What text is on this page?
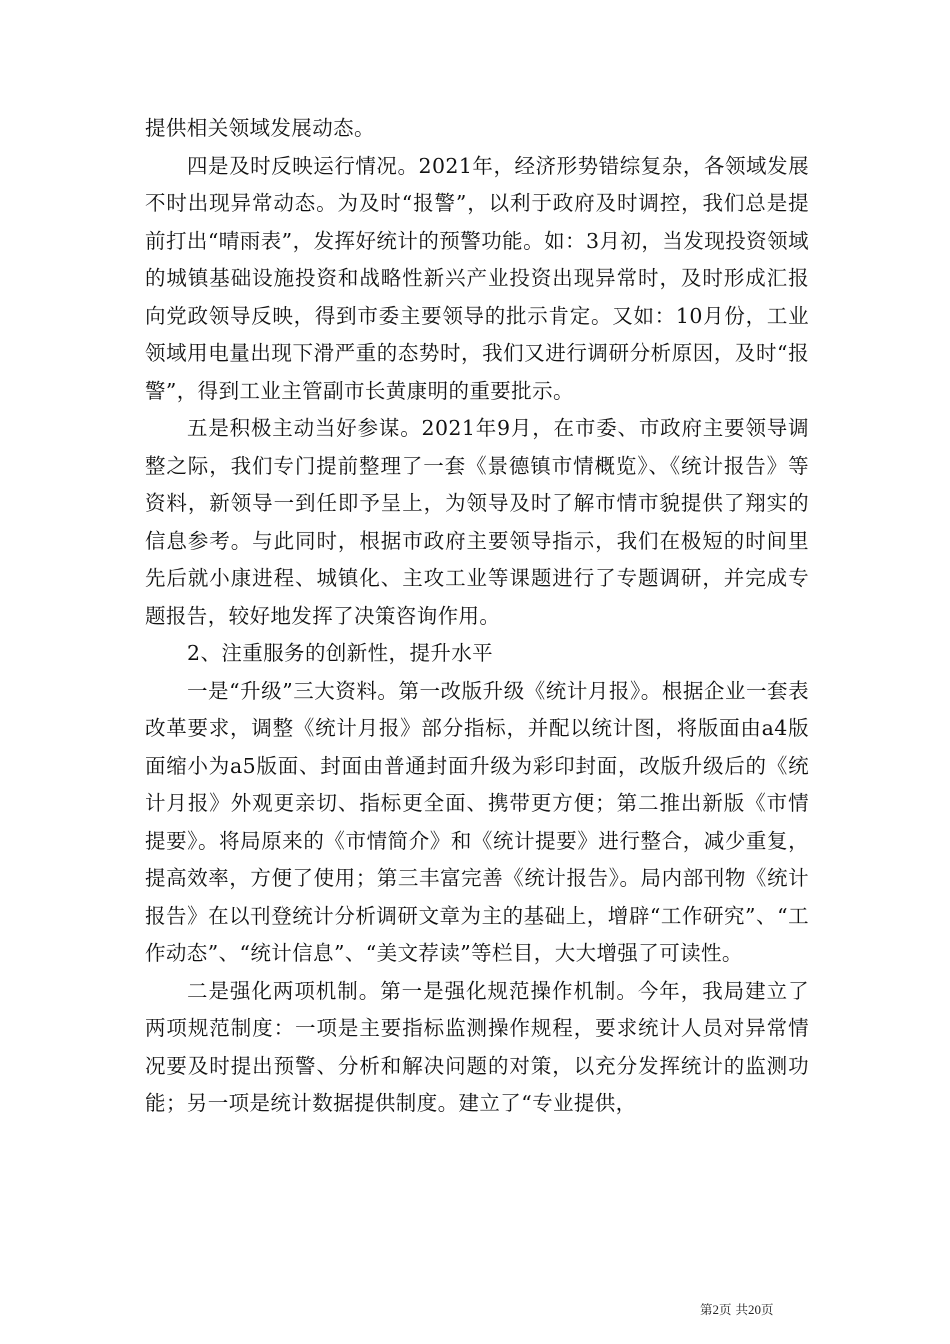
提供相关领域发展动态。

四是及时反映运行情况。2021年，经济形势错综复杂，各领域发展不时出现异常动态。为及时“报警”，以利于政府及时调控，我们总是提前打出“晴雨表”，发挥好统计的预警功能。如：3月初，当发现投资领域的城镇基础设施投资和战略性新兴产业投资出现异常时，及时形成汇报向党政领导反映，得到市委主要领导的批示肯定。又如：10月份，工业领域用电量出现下滑严重的态势时，我们又进行调研分析原因，及时“报警”，得到工业主管副市长黄康明的重要批示。

五是积极主动当好参谋。2021年9月，在市委、市政府主要领导调整之际，我们专门提前整理了一套《景德镇市情概览》、《统计报告》等资料，新领导一到任即予呈上，为领导及时了解市情市貌提供了翔实的信息参考。与此同时，根据市政府主要领导指示，我们在极短的时间里先后就小康进程、城镇化、主攻工业等课题进行了专题调研，并完成专题报告，较好地发挥了决策咨询作用。

2、注重服务的创新性，提升水平

一是“升级”三大资料。第一改版升级《统计月报》。根据企业一套表改革要求，调整《统计月报》部分指标，并配以统计图，将版面由a4版面缩小为a5版面、封面由普通封面升级为彩印封面，改版升级后的《统计月报》外观更亲切、指标更全面、携带更方便；第二推出新版《市情提要》。将局原来的《市情简介》和《统计提要》进行整合，减少重复，提高效率，方便了使用；第三丰富完善《统计报告》。局内部刊物《统计报告》在以刊登统计分析调研文章为主的基础上，增辟“工作研究”、“工作动态”、“统计信息”、“美文荐读”等栏目，大大增强了可读性。

二是强化两项机制。第一是强化规范操作机制。今年，我局建立了两项规范制度：一项是主要指标监测操作规程，要求统计人员对异常情况要及时提出预警、分析和解决问题的对策，以充分发挥统计的监测功能；另一项是统计数据提供制度。建立了“专业提供，

第2页 共20页
